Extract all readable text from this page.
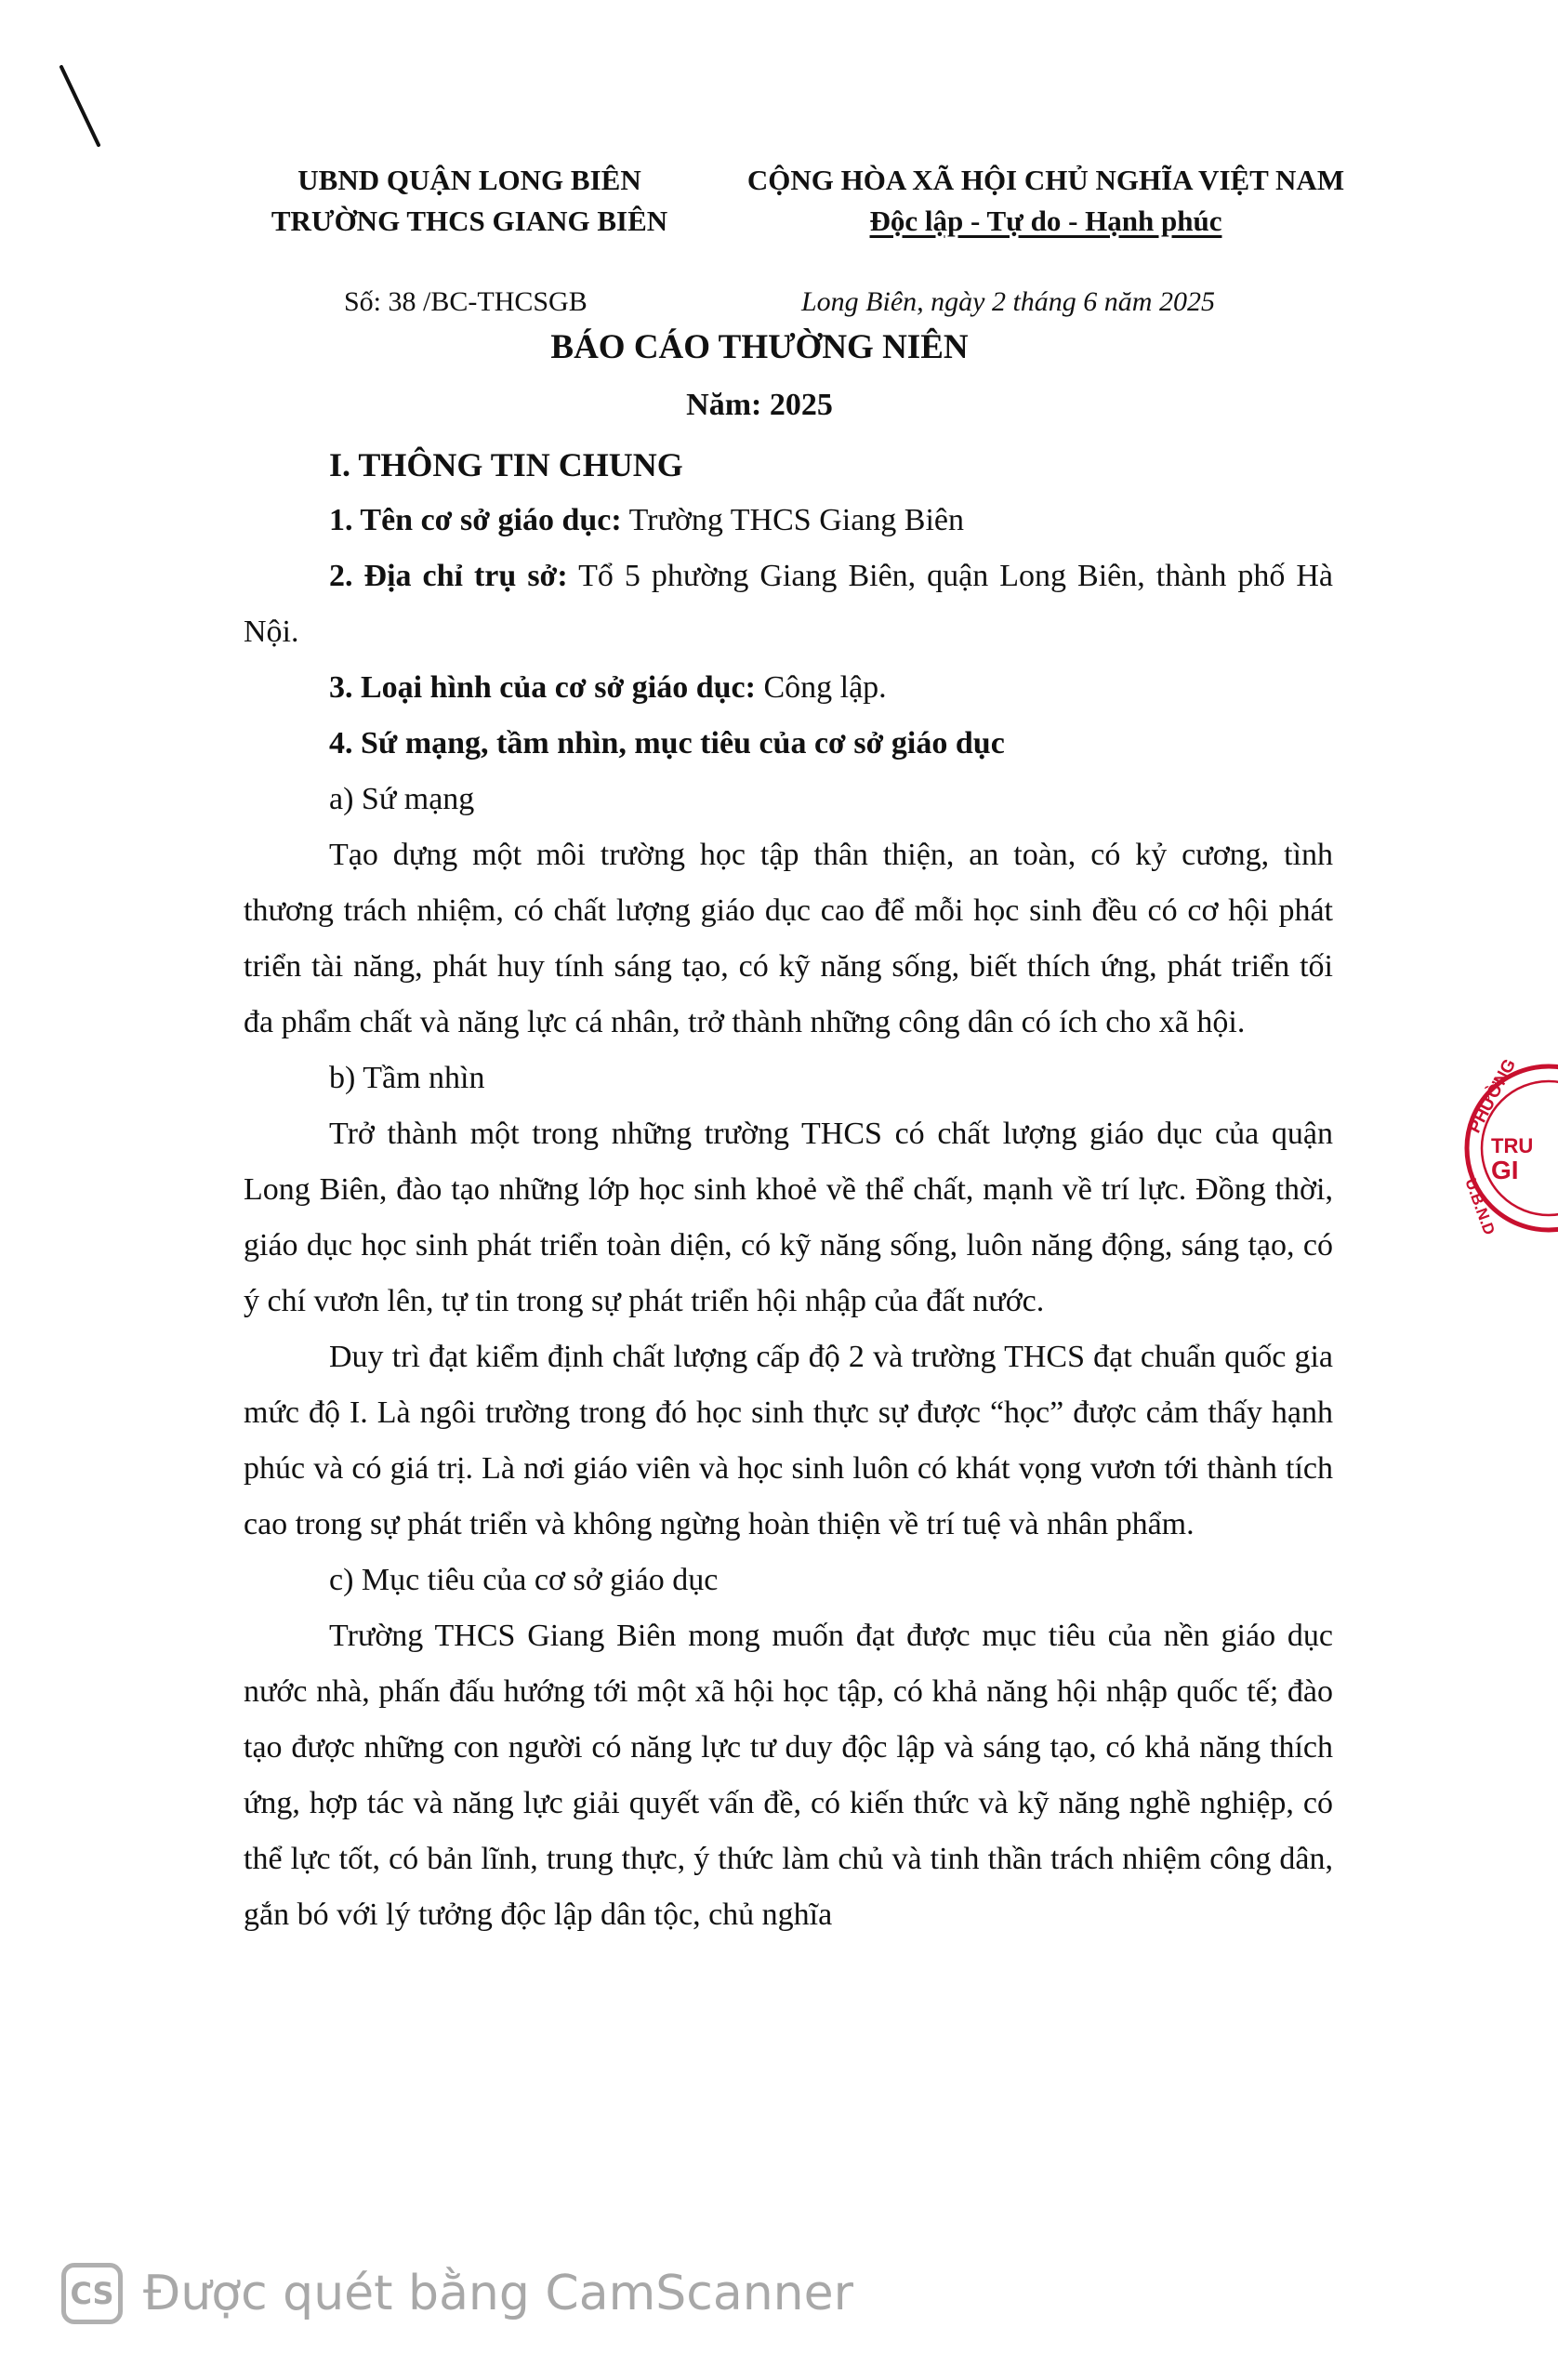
UBND QUẬN LONG BIÊN
TRƯỜNG THCS GIANG BIÊN
CỘNG HÒA XÃ HỘI CHỦ NGHĨA VIỆT NAM
Độc lập - Tự do - Hạnh phúc
Số: 38 /BC-THCSGB	Long Biên, ngày 2 tháng 6 năm 2025
BÁO CÁO THƯỜNG NIÊN
Năm: 2025

I. THÔNG TIN CHUNG

1. Tên cơ sở giáo dục: Trường THCS Giang Biên

2. Địa chỉ trụ sở: Tổ 5 phường Giang Biên, quận Long Biên, thành phố Hà Nội.

3. Loại hình của cơ sở giáo dục: Công lập.

4. Sứ mạng, tầm nhìn, mục tiêu của cơ sở giáo dục

a) Sứ mạng

Tạo dựng một môi trường học tập thân thiện, an toàn, có kỷ cương, tình thương trách nhiệm, có chất lượng giáo dục cao để mỗi học sinh đều có cơ hội phát triển tài năng, phát huy tính sáng tạo, có kỹ năng sống, biết thích ứng, phát triển tối đa phẩm chất và năng lực cá nhân, trở thành những công dân có ích cho xã hội.

b) Tầm nhìn

Trở thành một trong những trường THCS có chất lượng giáo dục của quận Long Biên, đào tạo những lớp học sinh khoẻ về thể chất, mạnh về trí lực. Đồng thời, giáo dục học sinh phát triển toàn diện, có kỹ năng sống, luôn năng động, sáng tạo, có ý chí vươn lên, tự tin trong sự phát triển hội nhập của đất nước.

Duy trì đạt kiểm định chất lượng cấp độ 2 và trường THCS đạt chuẩn quốc gia mức độ I. Là ngôi trường trong đó học sinh thực sự được “học” được cảm thấy hạnh phúc và có giá trị. Là nơi giáo viên và học sinh luôn có khát vọng vươn tới thành tích cao trong sự phát triển và không ngừng hoàn thiện về trí tuệ và nhân phẩm.

c) Mục tiêu của cơ sở giáo dục

Trường THCS Giang Biên mong muốn đạt được mục tiêu của nền giáo dục nước nhà, phấn đấu hướng tới một xã hội học tập, có khả năng hội nhập quốc tế; đào tạo được những con người có năng lực tư duy độc lập và sáng tạo, có khả năng thích ứng, hợp tác và năng lực giải quyết vấn đề, có kiến thức và kỹ năng nghề nghiệp, có thể lực tốt, có bản lĩnh, trung thực, ý thức làm chủ và tinh thần trách nhiệm công dân, gắn bó với lý tưởng độc lập dân tộc, chủ nghĩa

PHƯỜNG
TRU
GI
U.B.N.D
CS Được quét bằng CamScanner
